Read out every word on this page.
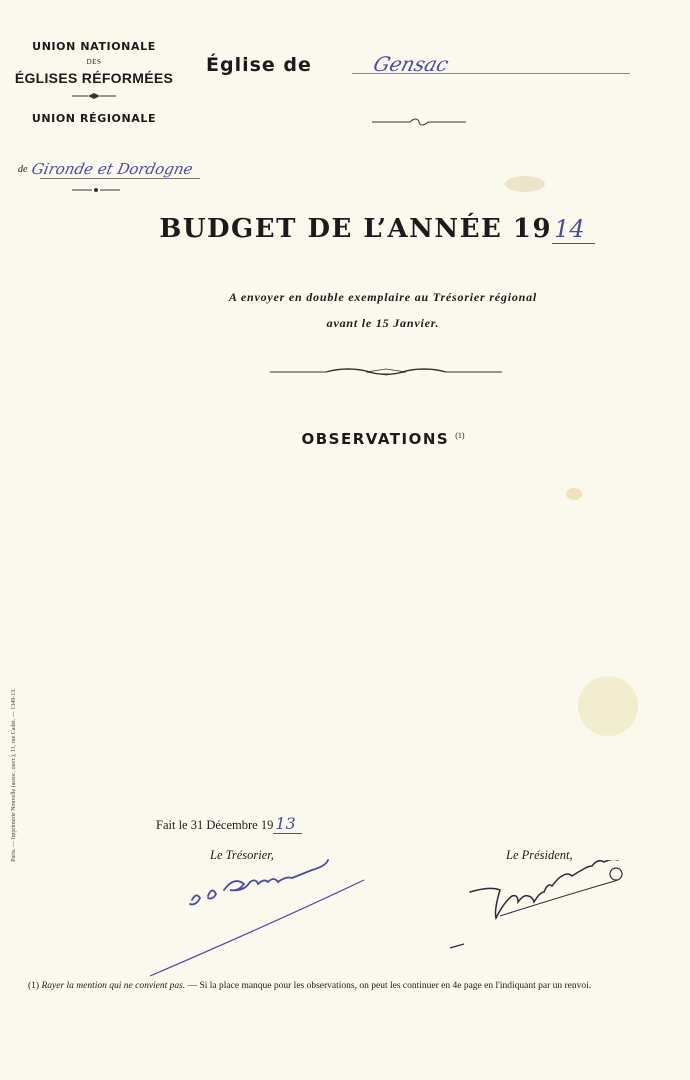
UNION NATIONALE
DES
ÉGLISES RÉFORMÉES
UNION RÉGIONALE
de Gironde et Dordogne
Église de	Gensac
BUDGET DE L’ANNÉE 1914
A envoyer en double exemplaire au Trésorier régional
avant le 15 Janvier.
OBSERVATIONS $^{(1)}$
Fait le 31 Décembre 19 13
Le Trésorier,	Le Président,
(1) Rayer la mention qui ne convient pas. — Si la place manque pour les observations, on peut les continuer en 4e page en l'indiquant par un renvoi.
Paris. — Imprimerie Nouvelle (assoc. ouvr.), 11, rue Cadet. — 1349-13.
